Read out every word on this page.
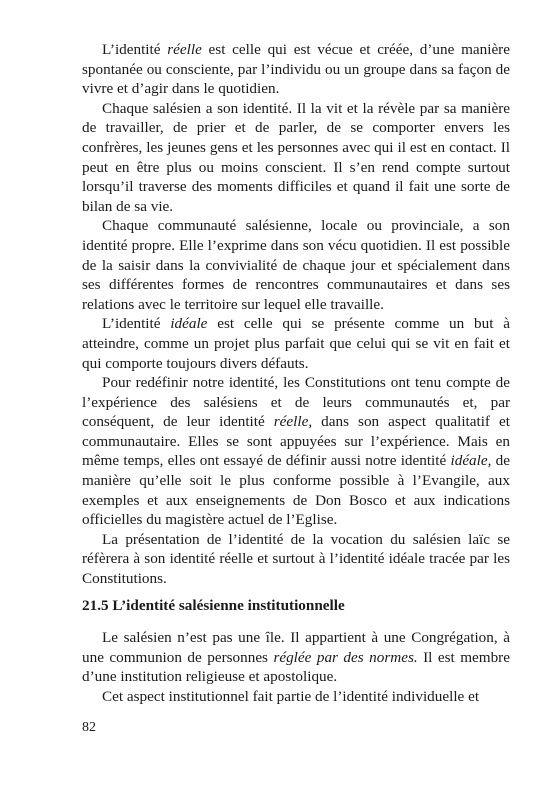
L’identité réelle est celle qui est vécue et créée, d’une manière spontanée ou consciente, par l’individu ou un groupe dans sa façon de vivre et d’agir dans le quotidien.

Chaque salésien a son identité. Il la vit et la révèle par sa manière de travailler, de prier et de parler, de se comporter envers les confrères, les jeunes gens et les personnes avec qui il est en contact. Il peut en être plus ou moins conscient. Il s’en rend compte surtout lorsqu’il traverse des moments difficiles et quand il fait une sorte de bilan de sa vie.

Chaque communauté salésienne, locale ou provinciale, a son identité propre. Elle l’exprime dans son vécu quotidien. Il est possible de la saisir dans la convivialité de chaque jour et spécialement dans ses différentes formes de rencontres communautaires et dans ses relations avec le territoire sur lequel elle travaille.

L’identité idéale est celle qui se présente comme un but à atteindre, comme un projet plus parfait que celui qui se vit en fait et qui comporte toujours divers défauts.

Pour redéfinir notre identité, les Constitutions ont tenu compte de l’expérience des salésiens et de leurs communautés et, par conséquent, de leur identité réelle, dans son aspect qualitatif et communautaire. Elles se sont appuyées sur l’expérience. Mais en même temps, elles ont essayé de définir aussi notre identité idéale, de manière qu’elle soit le plus conforme possible à l’Evangile, aux exemples et aux enseignements de Don Bosco et aux indications officielles du magistère actuel de l’Eglise.

La présentation de l’identité de la vocation du salésien laïc se réfèrera à son identité réelle et surtout à l’identité idéale tracée par les Constitutions.

21.5 L’identité salésienne institutionnelle

Le salésien n’est pas une île. Il appartient à une Congrégation, à une communion de personnes réglée par des normes. Il est membre d’une institution religieuse et apostolique.

Cet aspect institutionnel fait partie de l’identité individuelle et

82
